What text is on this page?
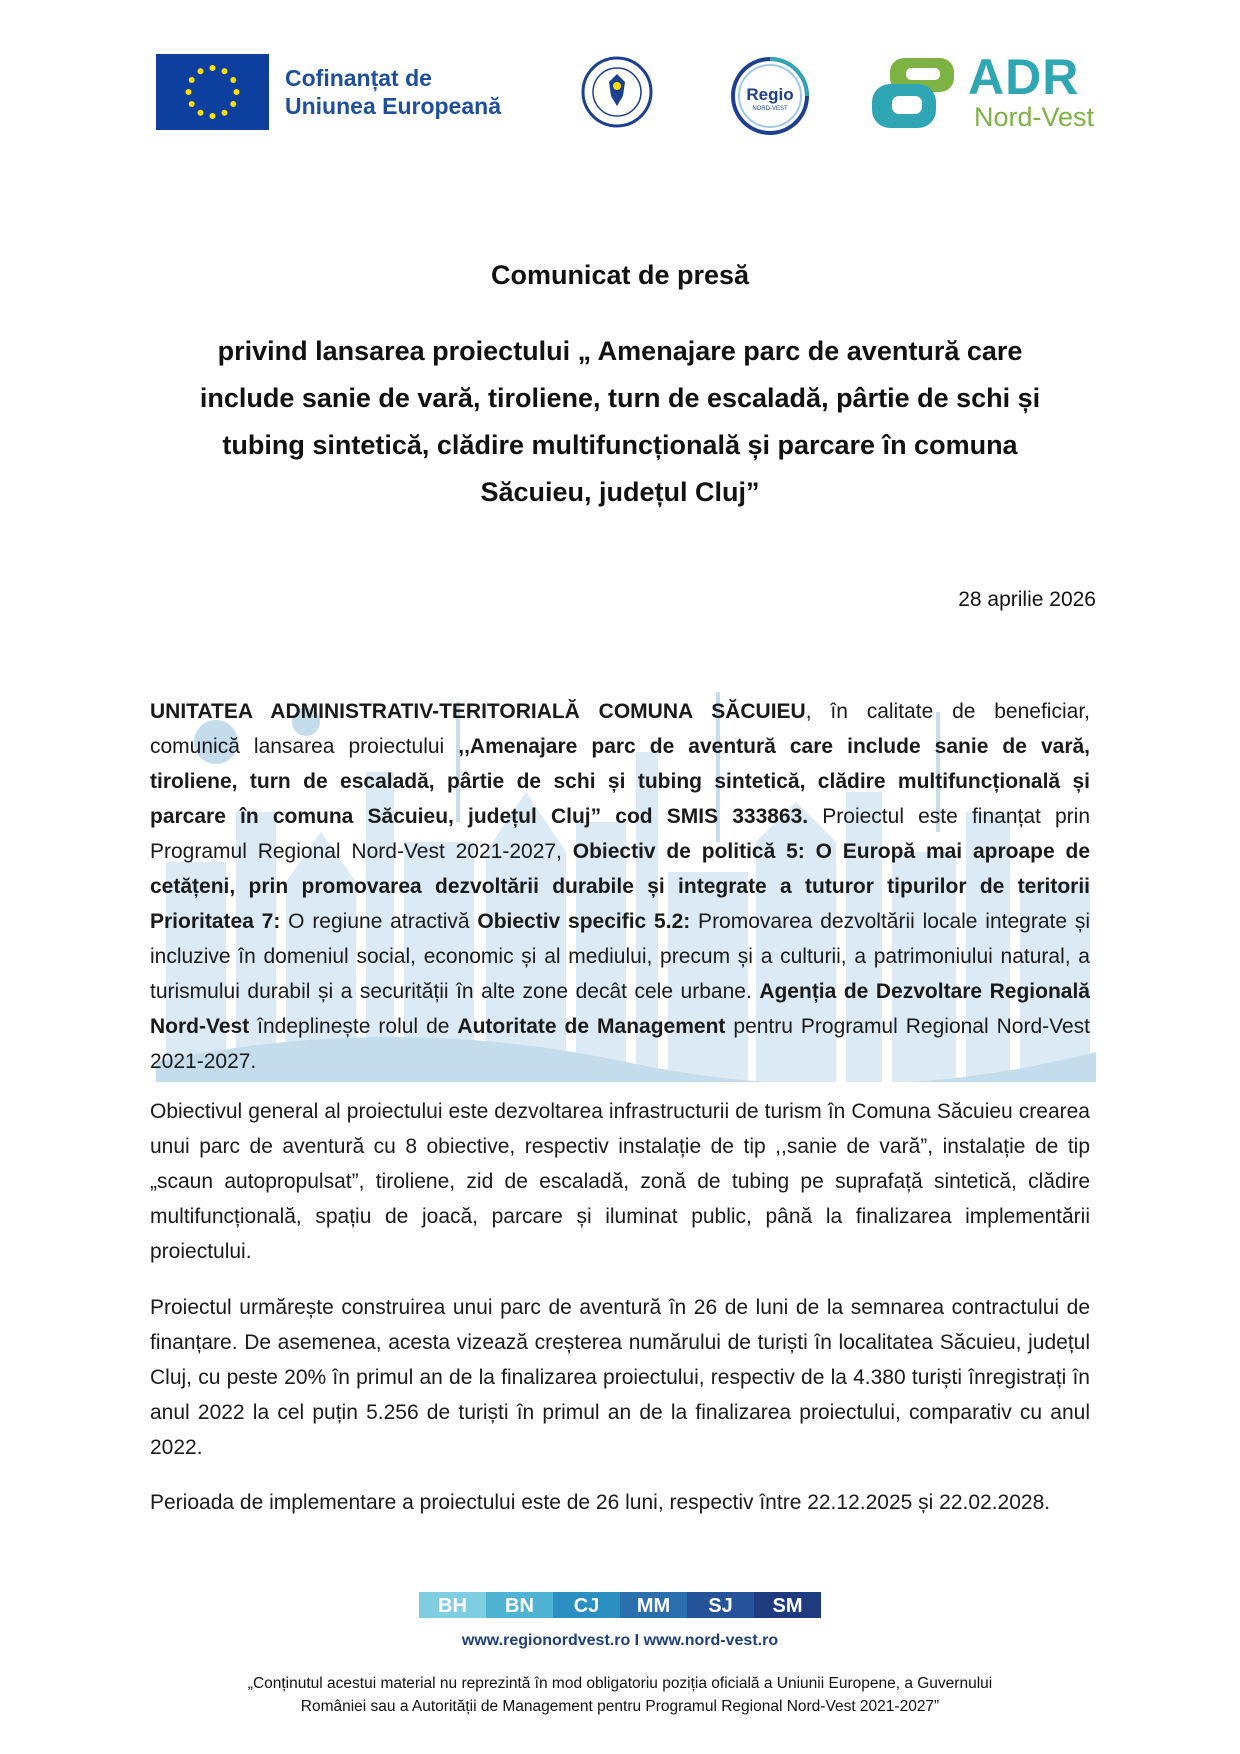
Cofinanțat de
Uniunea Europeană	Regio
NORD-VEST
ADR
Nord-Vest
Comunicat de presă
privind lansarea proiectului „ Amenajare parc de aventură care
include sanie de vară, tiroliene, turn de escaladă, pârtie de schi și
tubing sintetică, clădire multifuncțională și parcare în comuna
Săcuieu, județul Cluj”
28 aprilie 2026
UNITATEA ADMINISTRATIV-TERITORIALĂ COMUNA SĂCUIEU, în calitate de beneficiar, comunică lansarea proiectului ,,Amenajare parc de aventură care include sanie de vară, tiroliene, turn de escaladă, pârtie de schi și tubing sintetică, clădire multifuncțională și parcare în comuna Săcuieu, județul Cluj” cod SMIS 333863. Proiectul este finanțat prin Programul Regional Nord-Vest 2021-2027, Obiectiv de politică 5: O Europă mai aproape de cetățeni, prin promovarea dezvoltării durabile și integrate a tuturor tipurilor de teritorii Prioritatea 7: O regiune atractivă Obiectiv specific 5.2: Promovarea dezvoltării locale integrate și incluzive în domeniul social, economic și al mediului, precum și a culturii, a patrimoniului natural, a turismului durabil și a securității în alte zone decât cele urbane. Agenția de Dezvoltare Regională Nord-Vest îndeplinește rolul de Autoritate de Management pentru Programul Regional Nord-Vest 2021-2027.
Obiectivul general al proiectului este dezvoltarea infrastructurii de turism în Comuna Săcuieu crearea unui parc de aventură cu 8 obiective, respectiv instalație de tip ,,sanie de vară”, instalație de tip „scaun autopropulsat”, tiroliene, zid de escaladă, zonă de tubing pe suprafață sintetică, clădire multifuncțională, spațiu de joacă, parcare și iluminat public, până la finalizarea implementării proiectului.
Proiectul urmărește construirea unui parc de aventură în 26 de luni de la semnarea contractului de finanțare. De asemenea, acesta vizează creșterea numărului de turiști în localitatea Săcuieu, județul Cluj, cu peste 20% în primul an de la finalizarea proiectului, respectiv de la 4.380 turiști înregistrați în anul 2022 la cel puțin 5.256 de turiști în primul an de la finalizarea proiectului, comparativ cu anul 2022.
Perioada de implementare a proiectului este de 26 luni, respectiv între 22.12.2025 și 22.02.2028.
BH	BN	CJ	MM	SJ	SM
www.regionordvest.ro I www.nord-vest.ro
„Conținutul acestui material nu reprezintă în mod obligatoriu poziția oficială a Uniunii Europene, a Guvernului
României sau a Autorității de Management pentru Programul Regional Nord-Vest 2021-2027”
